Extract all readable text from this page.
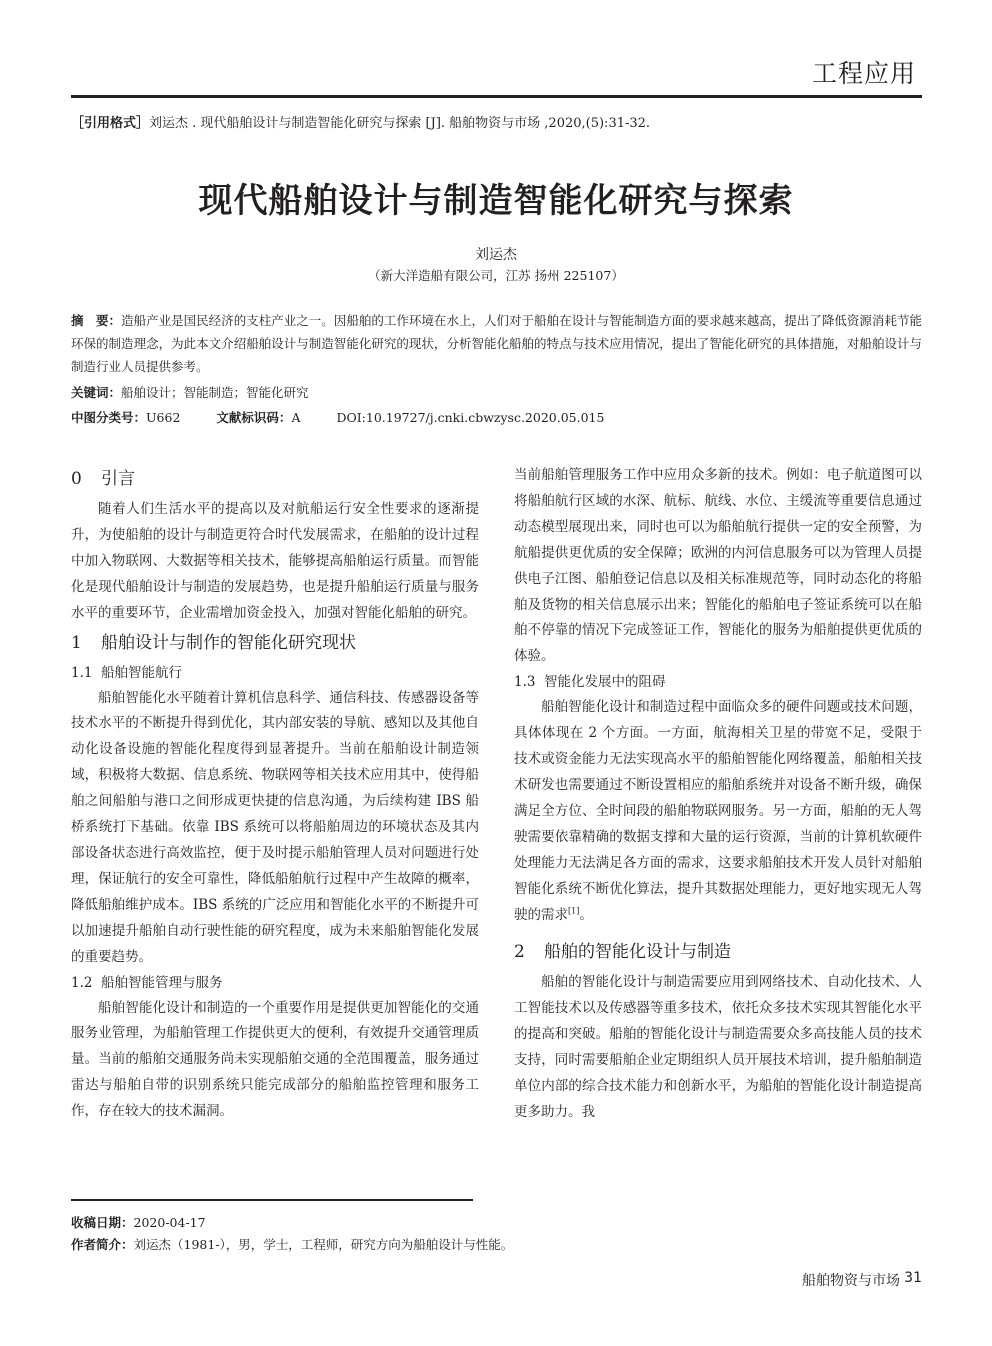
工程应用
［引用格式］刘运杰 . 现代船舶设计与制造智能化研究与探索 [J]. 船舶物资与市场 ,2020,(5):31-32.
现代船舶设计与制造智能化研究与探索
刘运杰
（新大洋造船有限公司，江苏 扬州 225107）
摘　要：造船产业是国民经济的支柱产业之一。因船舶的工作环境在水上，人们对于船舶在设计与智能制造方面的要求越来越高，提出了降低资源消耗节能环保的制造理念，为此本文介绍船舶设计与制造智能化研究的现状，分析智能化船舶的特点与技术应用情况，提出了智能化研究的具体措施，对船舶设计与制造行业人员提供参考。
关键词：船舶设计；智能制造；智能化研究
中图分类号：U662	文献标识码：A	DOI:10.19727/j.cnki.cbwzysc.2020.05.015
0 引言

随着人们生活水平的提高以及对航船运行安全性要求的逐渐提升，为使船舶的设计与制造更符合时代发展需求，在船舶的设计过程中加入物联网、大数据等相关技术，能够提高船舶运行质量。而智能化是现代船舶设计与制造的发展趋势，也是提升船舶运行质量与服务水平的重要环节，企业需增加资金投入，加强对智能化船舶的研究。

1 船舶设计与制作的智能化研究现状
1.1 船舶智能航行

船舶智能化水平随着计算机信息科学、通信科技、传感器设备等技术水平的不断提升得到优化，其内部安装的导航、感知以及其他自动化设备设施的智能化程度得到显著提升。当前在船舶设计制造领域，积极将大数据、信息系统、物联网等相关技术应用其中，使得船舶之间船舶与港口之间形成更快捷的信息沟通，为后续构建 IBS 船桥系统打下基础。依靠 IBS 系统可以将船舶周边的环境状态及其内部设备状态进行高效监控，便于及时提示船舶管理人员对问题进行处理，保证航行的安全可靠性，降低船舶航行过程中产生故障的概率，降低船舶维护成本。IBS 系统的广泛应用和智能化水平的不断提升可以加速提升船舶自动行驶性能的研究程度，成为未来船舶智能化发展的重要趋势。

1.2 船舶智能管理与服务

船舶智能化设计和制造的一个重要作用是提供更加智能化的交通服务业管理，为船舶管理工作提供更大的便利，有效提升交通管理质量。当前的船舶交通服务尚未实现船舶交通的全范围覆盖，服务通过雷达与船舶自带的识别系统只能完成部分的船舶监控管理和服务工作，存在较大的技术漏洞。

当前船舶管理服务工作中应用众多新的技术。例如：电子航道图可以将船舶航行区域的水深、航标、航线、水位、主缓流等重要信息通过动态模型展现出来，同时也可以为船舶航行提供一定的安全预警，为航船提供更优质的安全保障；欧洲的内河信息服务可以为管理人员提供电子江图、船舶登记信息以及相关标准规范等，同时动态化的将船舶及货物的相关信息展示出来；智能化的船舶电子签证系统可以在船舶不停靠的情况下完成签证工作，智能化的服务为船舶提供更优质的体验。

1.3 智能化发展中的阻碍

船舶智能化设计和制造过程中面临众多的硬件问题或技术问题，具体体现在 2 个方面。一方面，航海相关卫星的带宽不足，受限于技术或资金能力无法实现高水平的船舶智能化网络覆盖，船舶相关技术研发也需要通过不断设置相应的船舶系统并对设备不断升级，确保满足全方位、全时间段的船舶物联网服务。另一方面，船舶的无人驾驶需要依靠精确的数据支撑和大量的运行资源，当前的计算机软硬件处理能力无法满足各方面的需求，这要求船舶技术开发人员针对船舶智能化系统不断优化算法，提升其数据处理能力，更好地实现无人驾驶的需求[1]。

2 船舶的智能化设计与制造

船舶的智能化设计与制造需要应用到网络技术、自动化技术、人工智能技术以及传感器等重多技术，依托众多技术实现其智能化水平的提高和突破。船舶的智能化设计与制造需要众多高技能人员的技术支持，同时需要船舶企业定期组织人员开展技术培训，提升船舶制造单位内部的综合技术能力和创新水平，为船舶的智能化设计制造提高更多助力。我

收稿日期：2020-04-17
作者简介：刘运杰（1981-），男，学士，工程师，研究方向为船舶设计与性能。
船舶物资与市场 31
